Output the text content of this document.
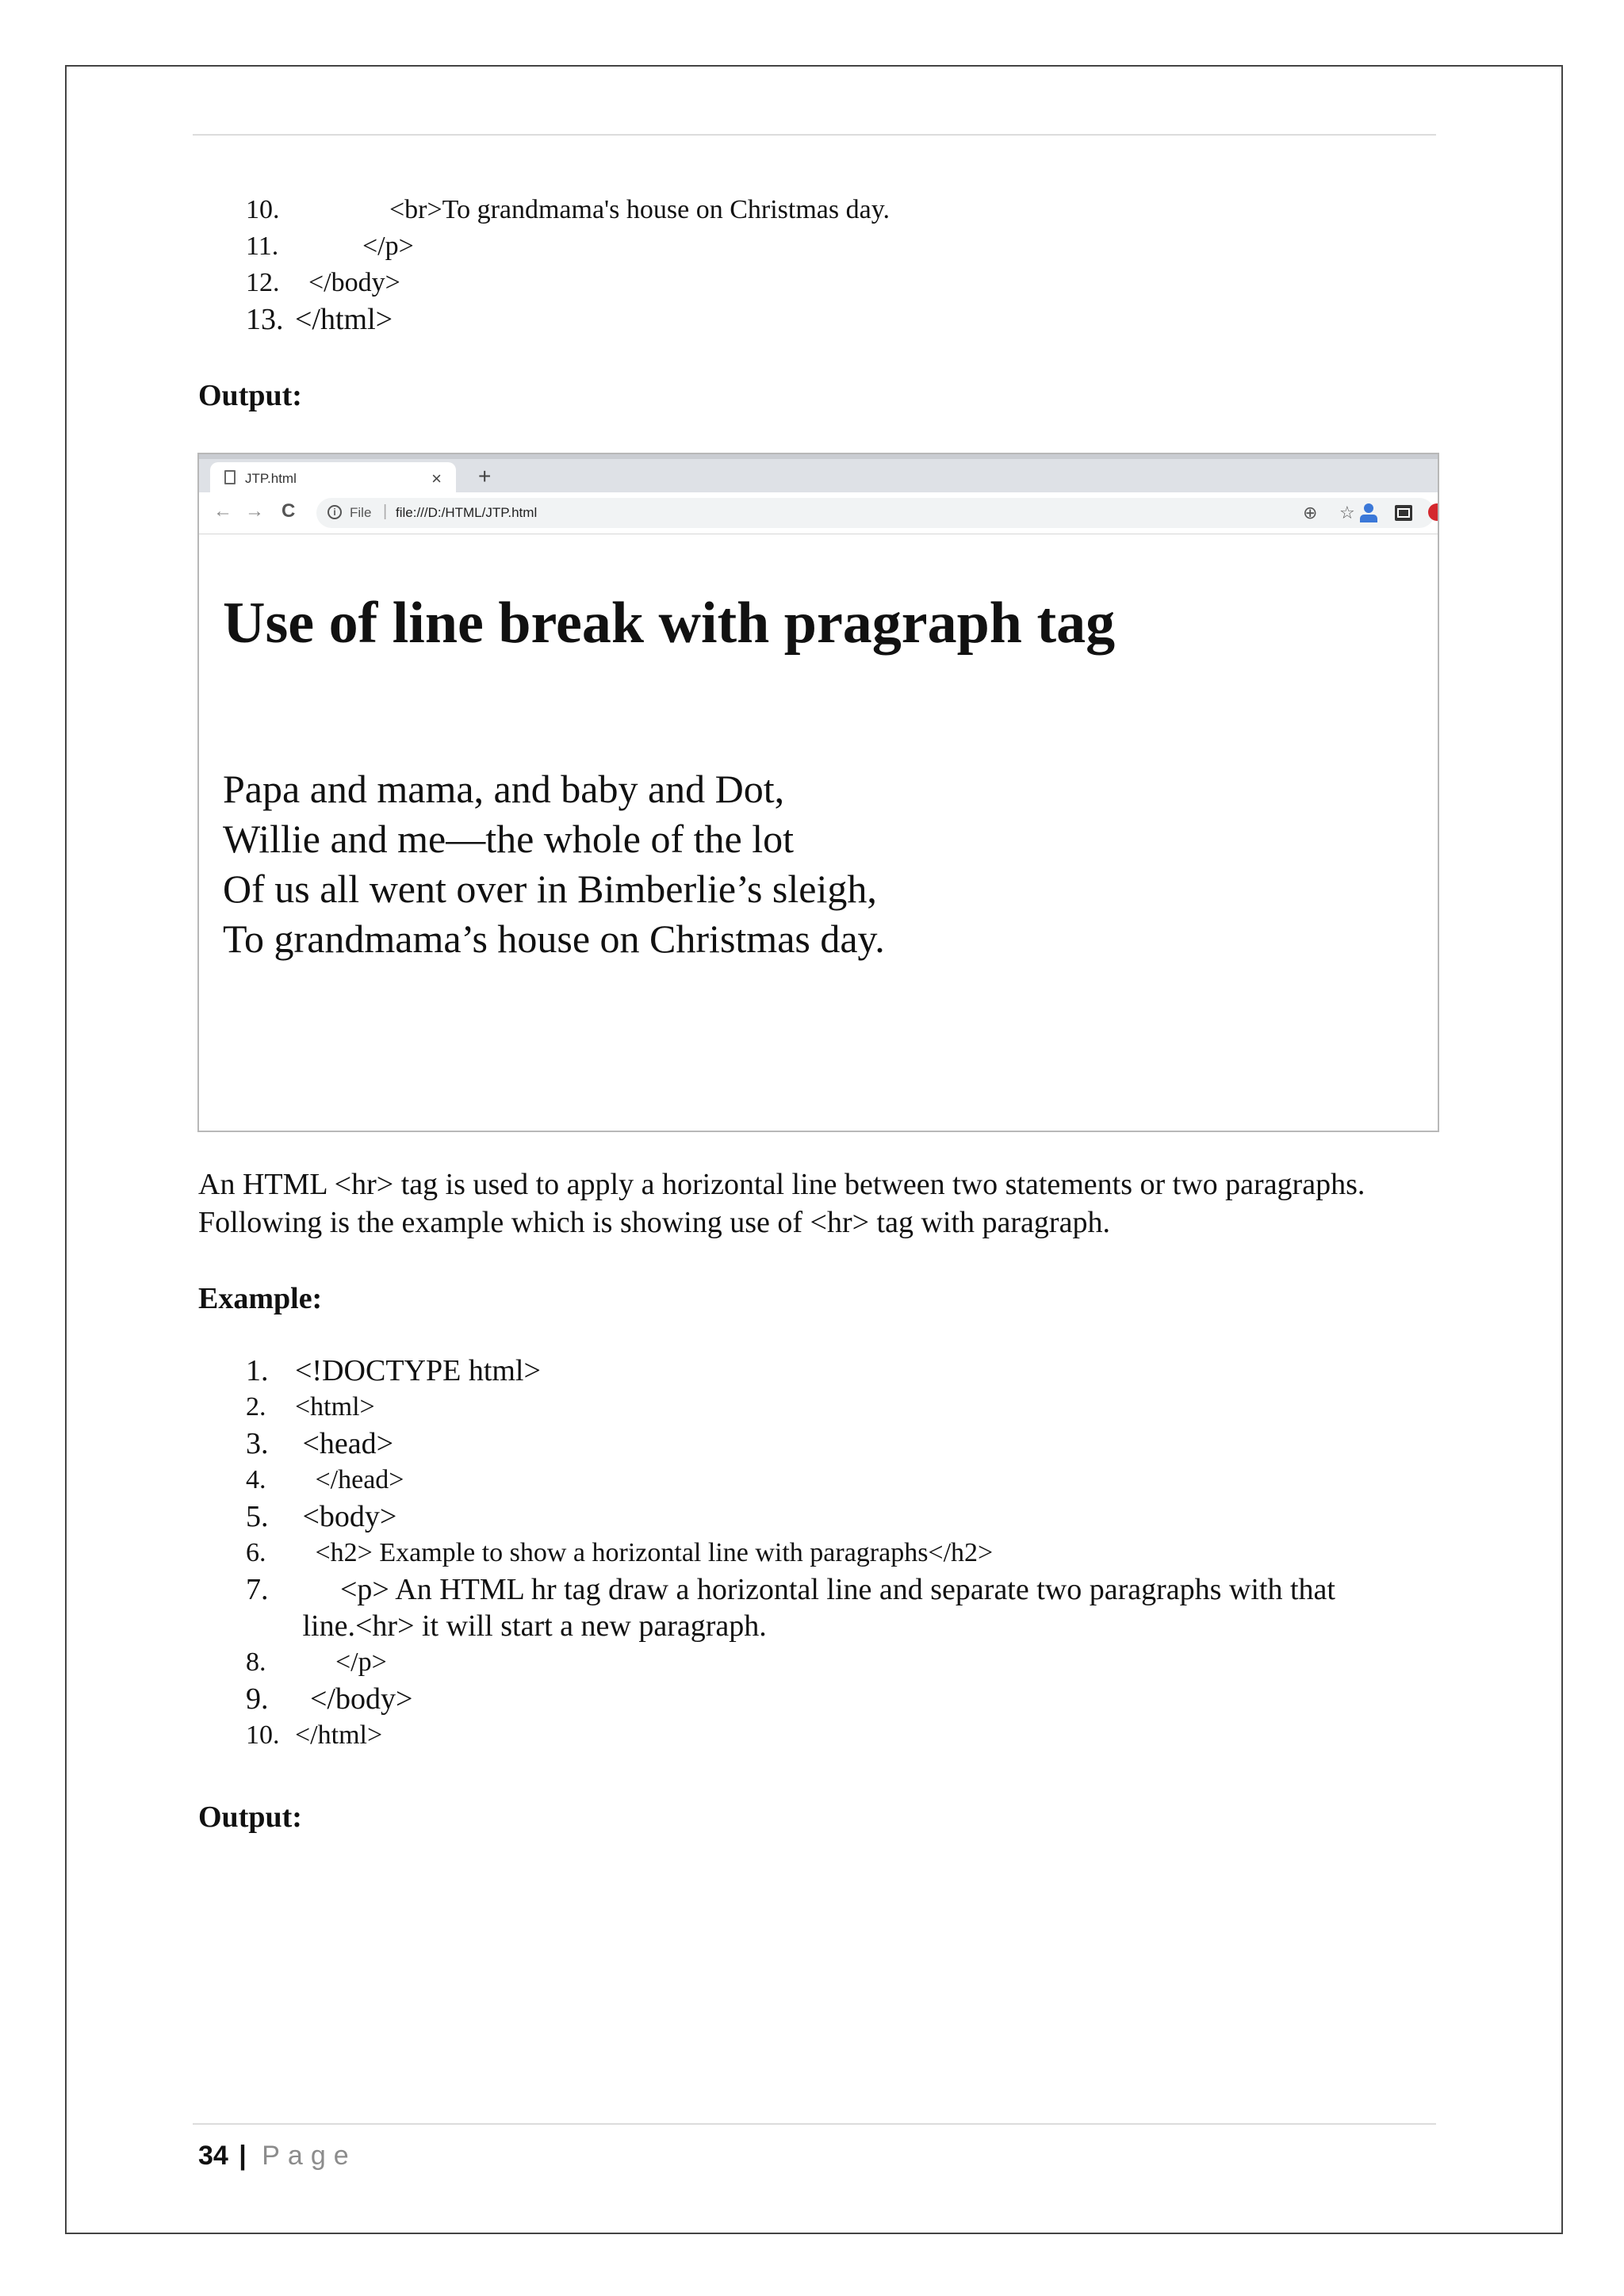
10.              <br>To grandmama's house on Christmas day.
11.          </p>
12.  </body>
13. </html>
Output:
JTP.html	× +
← → C	i	File | file:///D:/HTML/JTP.html	⊕ ☆
Use of line break with pragraph tag
Papa and mama, and baby and Dot,
Willie and me—the whole of the lot
Of us all went over in Bimberlie’s sleigh,
To grandmama’s house on Christmas day.
An HTML <hr> tag is used to apply a horizontal line between two statements or two paragraphs. Following is the example which is showing use of <hr> tag with paragraph.
Example:
1. <!DOCTYPE html>
2. <html>
3. <head>
4.   </head>
5. <body>
6.   <h2> Example to show a horizontal line with paragraphs</h2>
7.      <p> An HTML hr tag draw a horizontal line and separate two paragraphs with that
line.<hr> it will start a new paragraph.
8.      </p>
9.  </body>
10. </html>
Output:
34 | Page
